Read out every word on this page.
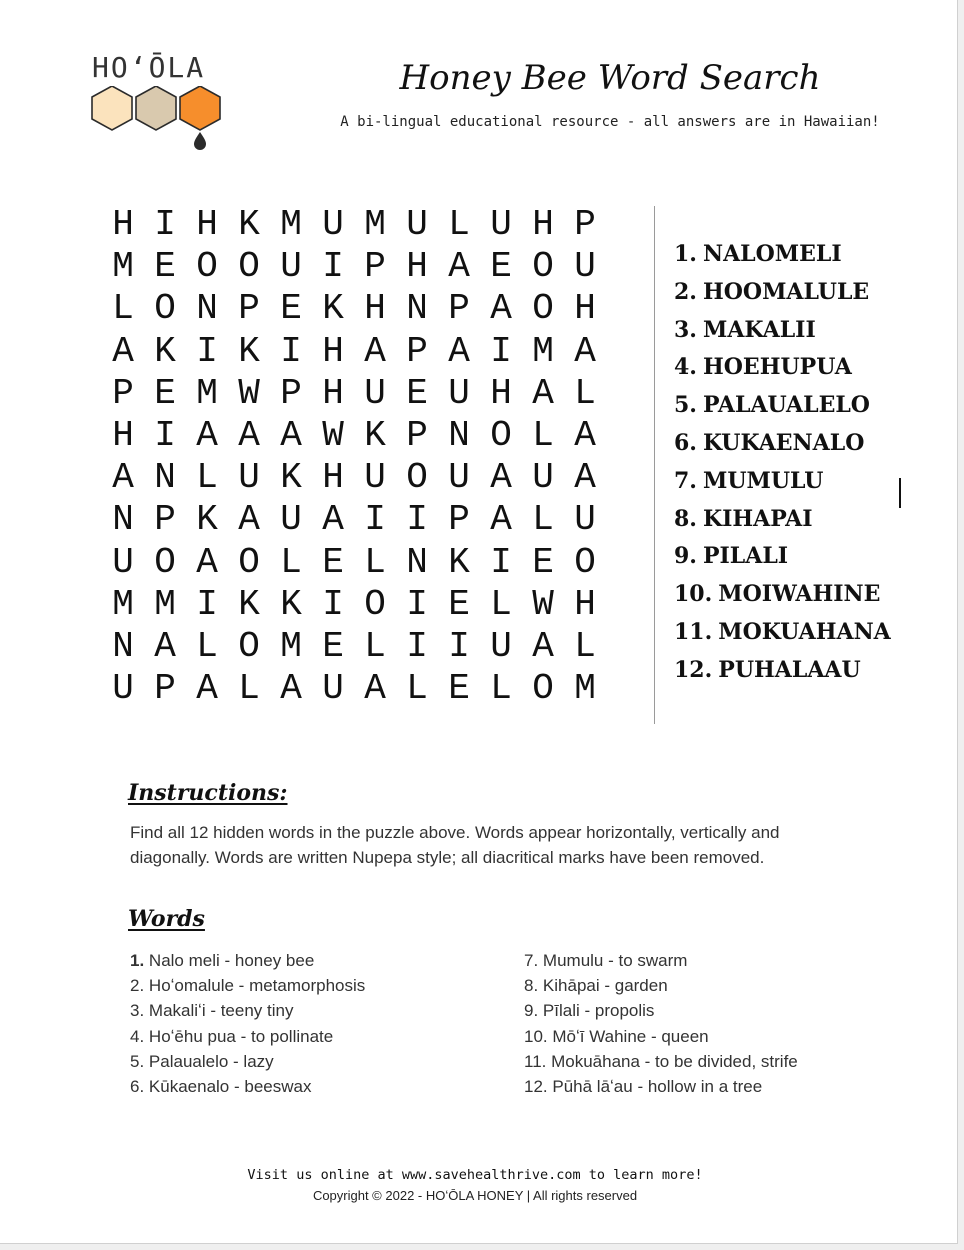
HOʻŌLA	Honey Bee Word Search
A bi-lingual educational resource - all answers are in Hawaiian!
H I H K M U M U L U H P
M E O O U I P H A E O U
L O N P E K H N P A O H
A K I K I H A P A I M A
P E M W P H U E U H A L
H I A A A W K P N O L A
A N L U K H U O U A U A
N P K A U A I I P A L U
U O A O L E L N K I E O
M M I K K I O I E L W H
N A L O M E L I I U A L
U P A L A U A L E L O M
1. NALOMELI
2. HOOMALULE
3. MAKALII
4. HOEHUPUA
5. PALAUALELO
6. KUKAENALO
7. MUMULU
8. KIHAPAI
9. PILALI
10. MOIWAHINE
11. MOKUAHANA
12. PUHALAAU
Instructions:
Find all 12 hidden words in the puzzle above. Words appear horizontally, vertically and diagonally. Words are written Nupepa style; all diacritical marks have been removed.
Words
1. Nalo meli - honey bee
2. Hoʻomalule - metamorphosis
3. Makaliʻi - teeny tiny
4. Hoʻēhu pua - to pollinate
5. Palaualelo - lazy
6. Kūkaenalo - beeswax
7. Mumulu - to swarm
8. Kihāpai - garden
9. Pīlali - propolis
10. Mōʻī Wahine - queen
11. Mokuāhana - to be divided, strife
12. Pūhā lāʻau - hollow in a tree
Visit us online at www.savehealthrive.com to learn more!
Copyright © 2022 - HOʻŌLA HONEY | All rights reserved
